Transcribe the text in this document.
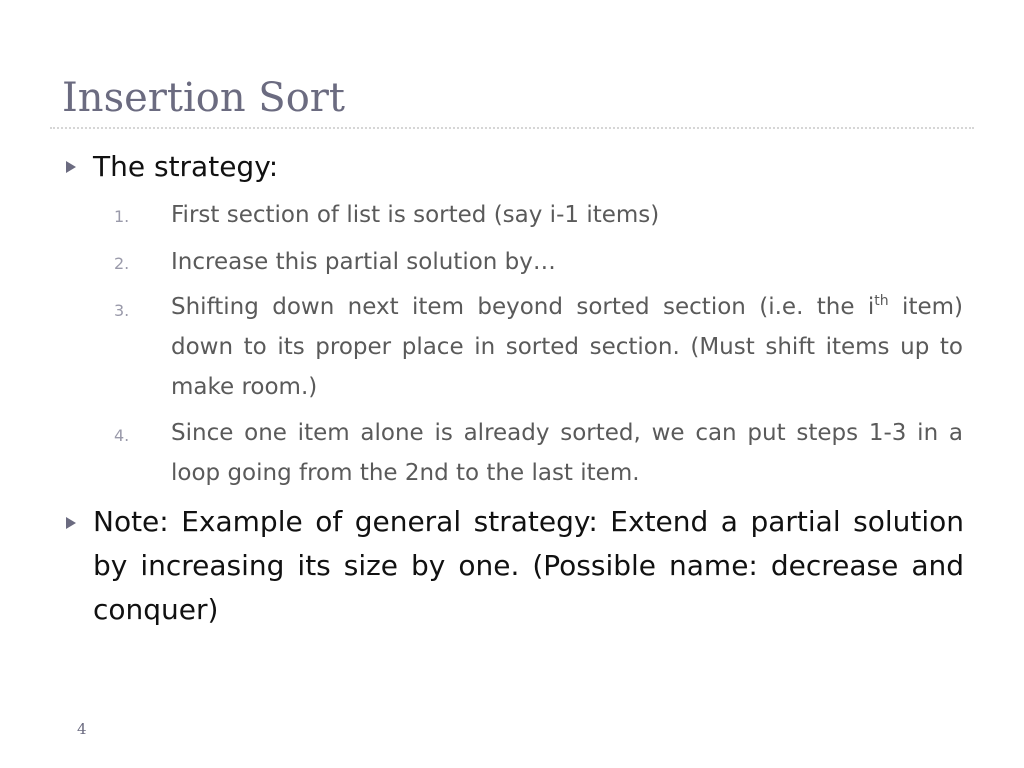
Insertion Sort
The strategy:
1.	First section of list is sorted (say i-1 items)
2.	Increase this partial solution by…
3.	Shifting down next item beyond sorted section (i.e. the $i^{th}$ item) down to its proper place in sorted section. (Must shift items up to make room.)
4.	Since one item alone is already sorted, we can put steps 1-3 in a loop going from the 2nd to the last item.
Note: Example of general strategy: Extend a partial solution by increasing its size by one. (Possible name: decrease and conquer)
4
